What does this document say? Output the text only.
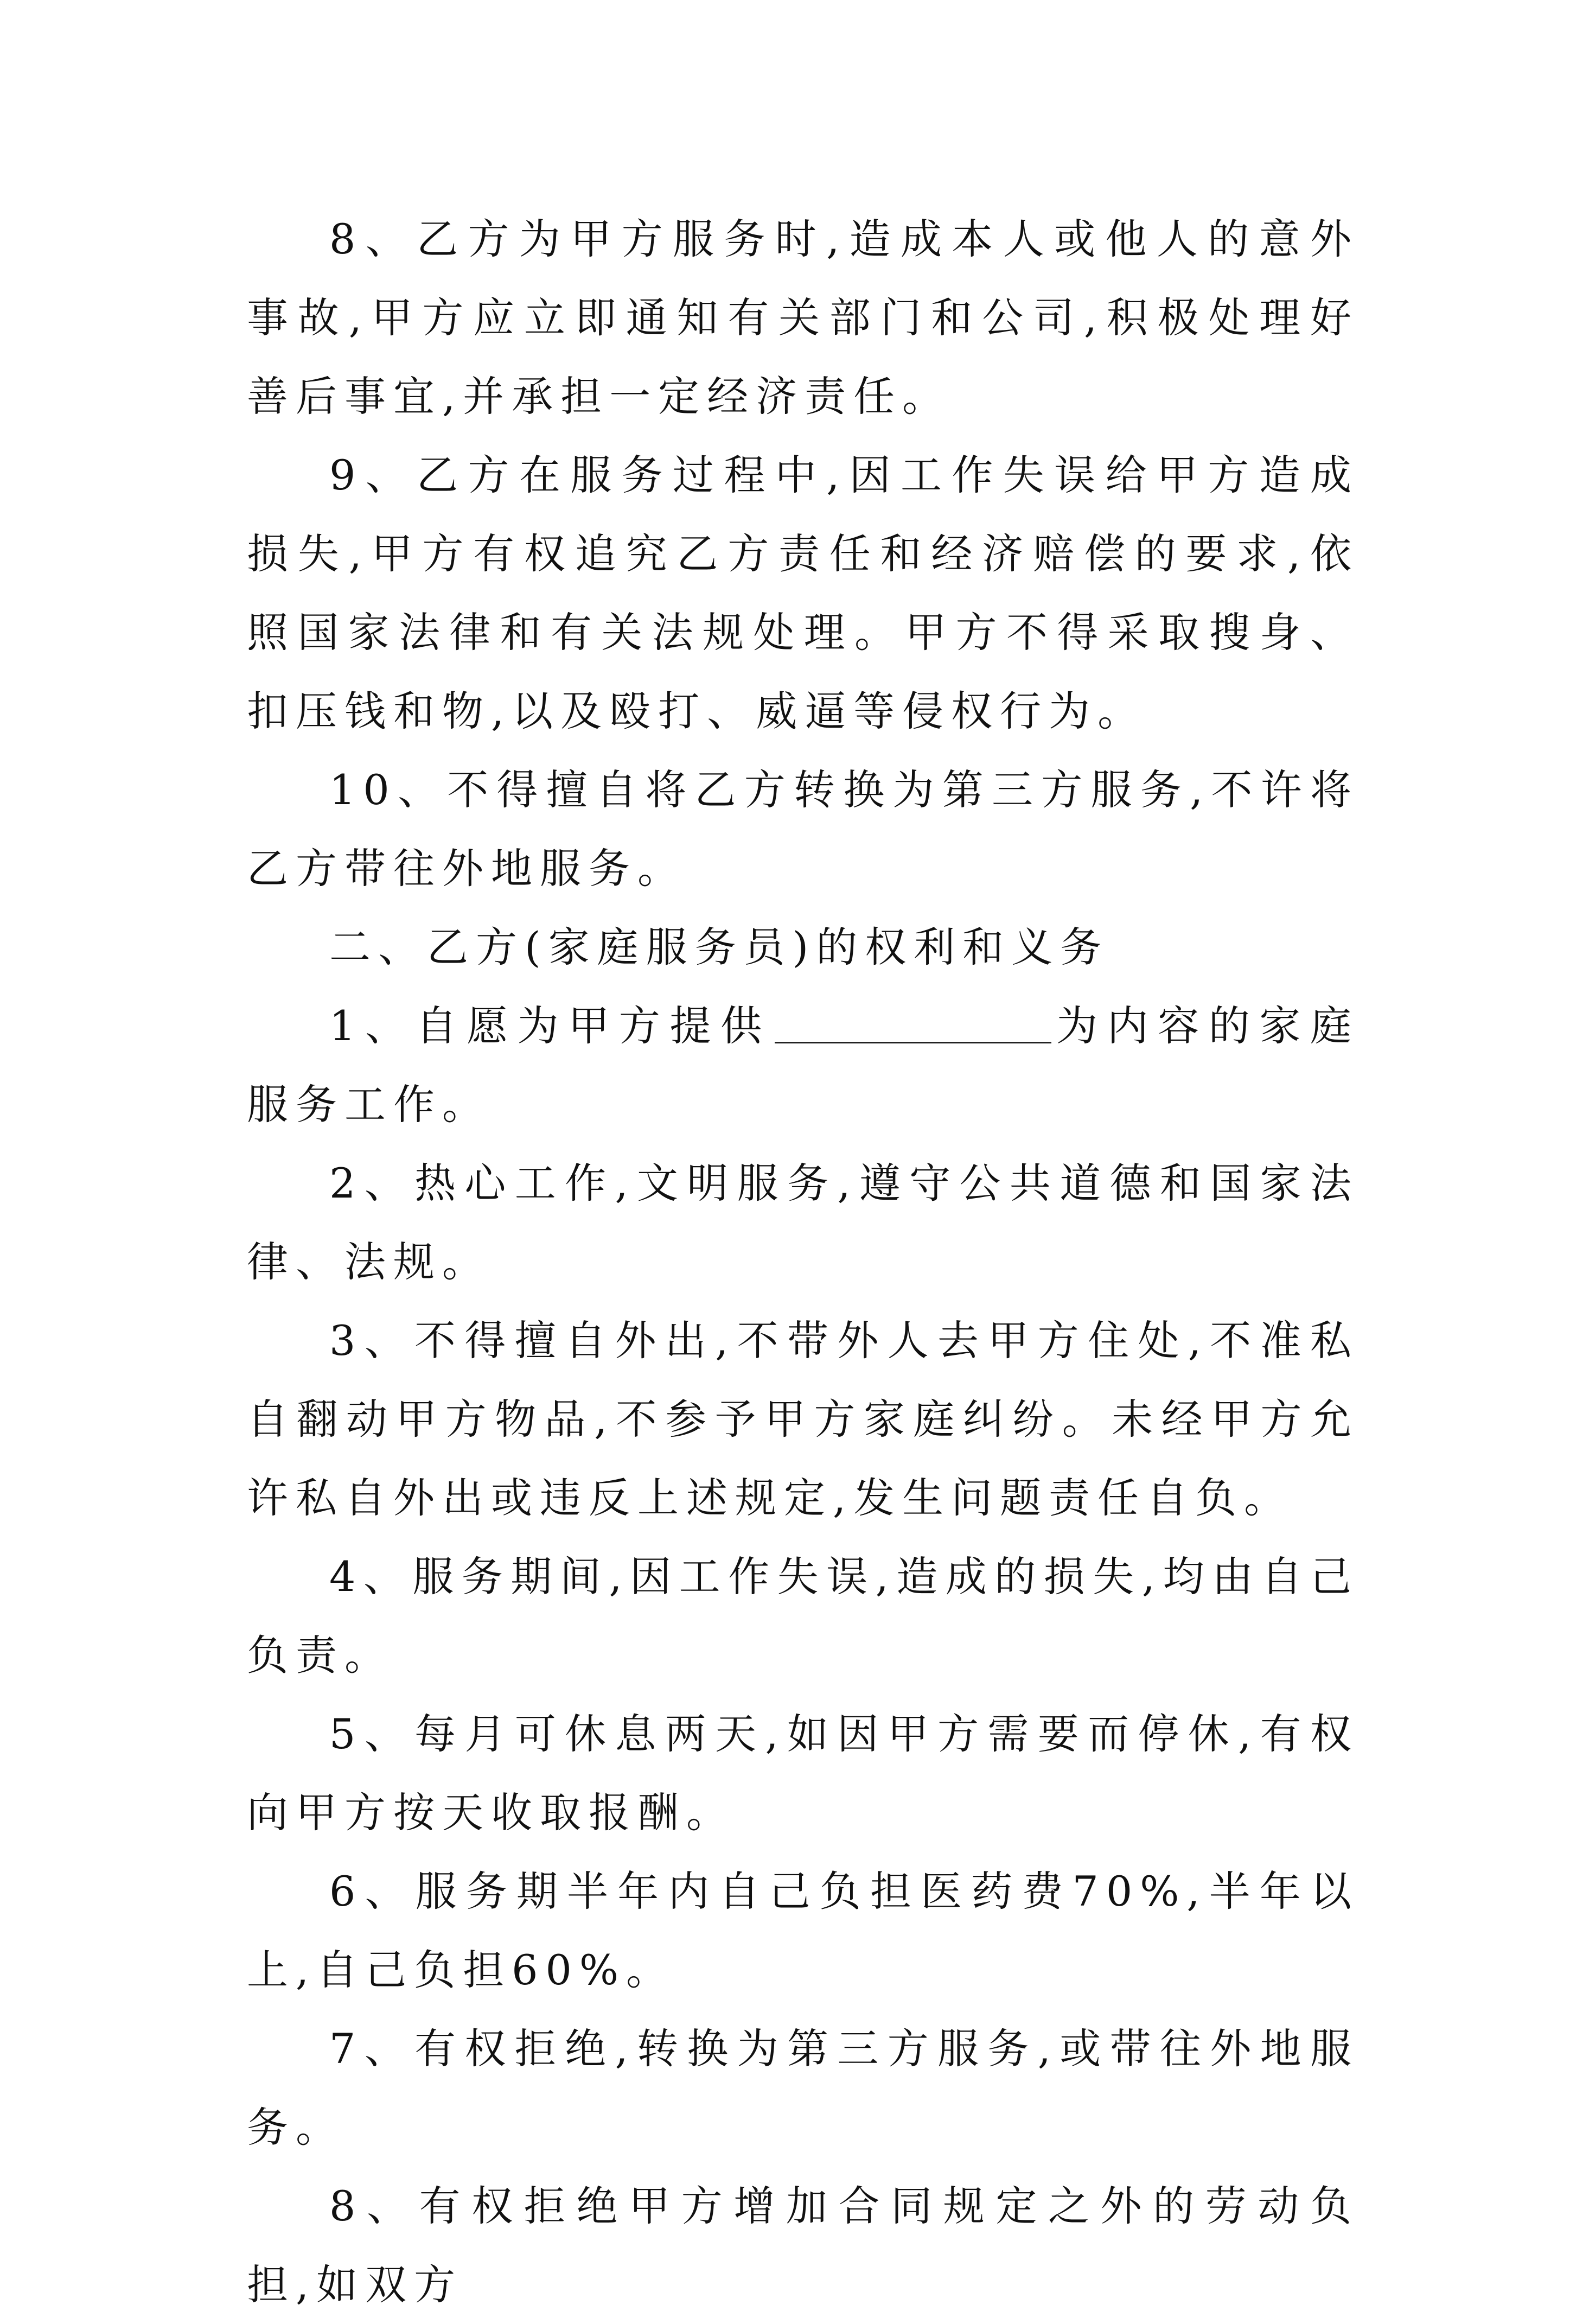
8、乙方为甲方服务时,造成本人或他人的意外事故,甲方应立即通知有关部门和公司,积极处理好善后事宜,并承担一定经济责任。

9、乙方在服务过程中,因工作失误给甲方造成损失,甲方有权追究乙方责任和经济赔偿的要求,依照国家法律和有关法规处理。甲方不得采取搜身、扣压钱和物,以及殴打、威逼等侵权行为。

10、不得擅自将乙方转换为第三方服务,不许将乙方带往外地服务。

二、乙方(家庭服务员)的权利和义务

1、自愿为甲方提供	为内容的家庭服务工作。

2、热心工作,文明服务,遵守公共道德和国家法律、法规。

3、不得擅自外出,不带外人去甲方住处,不准私自翻动甲方物品,不参予甲方家庭纠纷。未经甲方允许私自外出或违反上述规定,发生问题责任自负。

4、服务期间,因工作失误,造成的损失,均由自己负责。

5、每月可休息两天,如因甲方需要而停休,有权向甲方按天收取报酬。

6、服务期半年内自己负担医药费70%,半年以上,自己负担60%。

7、有权拒绝,转换为第三方服务,或带往外地服务。

8、有权拒绝甲方增加合同规定之外的劳动负担,如双方
